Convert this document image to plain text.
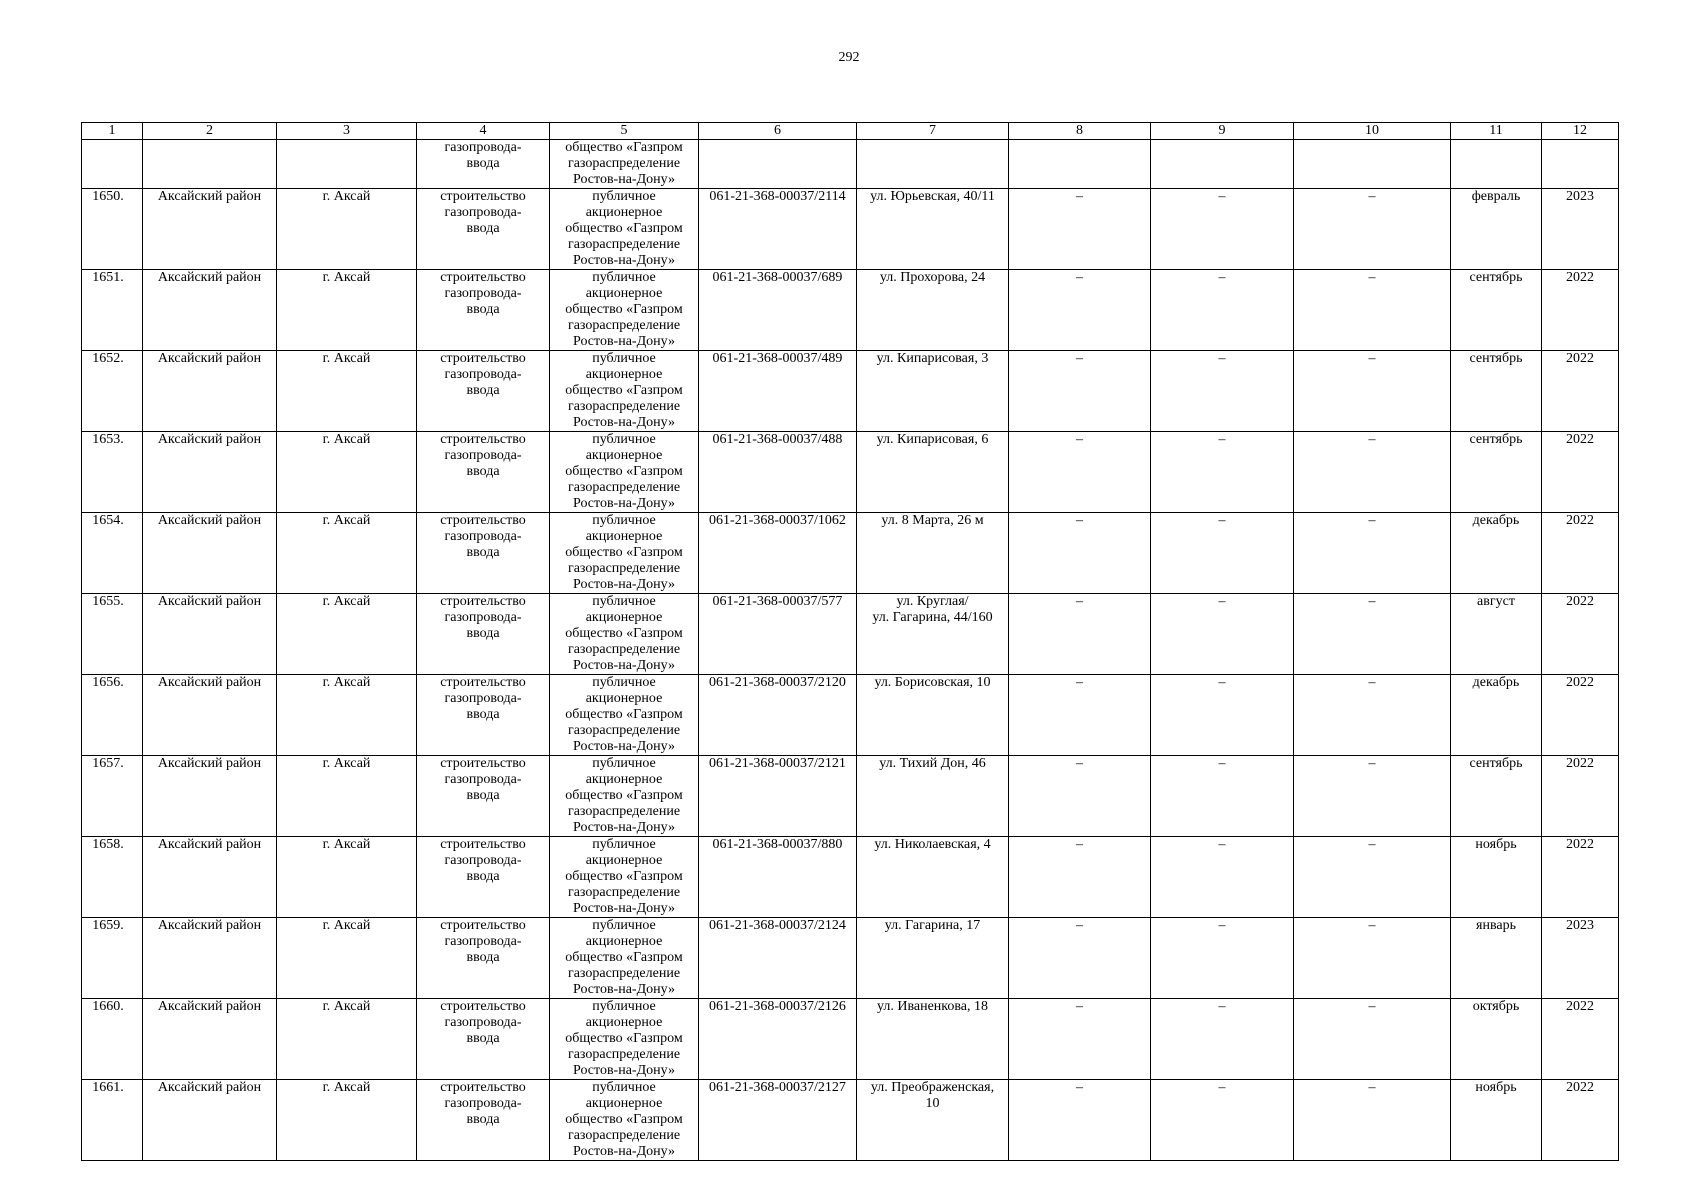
292
1	2	3	4	5	6	7	8	9	10	11	12

			газопровода-
ввода	общество «Газпром
газораспределение
Ростов-на-Дону»							

1650.	Аксайский район	г. Аксай	строительство
газопровода-
ввода	публичное
акционерное
общество «Газпром
газораспределение
Ростов-на-Дону»	061-21-368-00037/2114	ул. Юрьевская, 40/11	–	–	–	февраль	2023
1651.	Аксайский район	г. Аксай	строительство
газопровода-
ввода	публичное
акционерное
общество «Газпром
газораспределение
Ростов-на-Дону»	061-21-368-00037/689	ул. Прохорова, 24	–	–	–	сентябрь	2022
1652.	Аксайский район	г. Аксай	строительство
газопровода-
ввода	публичное
акционерное
общество «Газпром
газораспределение
Ростов-на-Дону»	061-21-368-00037/489	ул. Кипарисовая, 3	–	–	–	сентябрь	2022
1653.	Аксайский район	г. Аксай	строительство
газопровода-
ввода	публичное
акционерное
общество «Газпром
газораспределение
Ростов-на-Дону»	061-21-368-00037/488	ул. Кипарисовая, 6	–	–	–	сентябрь	2022
1654.	Аксайский район	г. Аксай	строительство
газопровода-
ввода	публичное
акционерное
общество «Газпром
газораспределение
Ростов-на-Дону»	061-21-368-00037/1062	ул. 8 Марта, 26 м	–	–	–	декабрь	2022
1655.	Аксайский район	г. Аксай	строительство
газопровода-
ввода	публичное
акционерное
общество «Газпром
газораспределение
Ростов-на-Дону»	061-21-368-00037/577	ул. Круглая/
ул. Гагарина, 44/160	–	–	–	август	2022
1656.	Аксайский район	г. Аксай	строительство
газопровода-
ввода	публичное
акционерное
общество «Газпром
газораспределение
Ростов-на-Дону»	061-21-368-00037/2120	ул. Борисовская, 10	–	–	–	декабрь	2022
1657.	Аксайский район	г. Аксай	строительство
газопровода-
ввода	публичное
акционерное
общество «Газпром
газораспределение
Ростов-на-Дону»	061-21-368-00037/2121	ул. Тихий Дон, 46	–	–	–	сентябрь	2022
1658.	Аксайский район	г. Аксай	строительство
газопровода-
ввода	публичное
акционерное
общество «Газпром
газораспределение
Ростов-на-Дону»	061-21-368-00037/880	ул. Николаевская, 4	–	–	–	ноябрь	2022
1659.	Аксайский район	г. Аксай	строительство
газопровода-
ввода	публичное
акционерное
общество «Газпром
газораспределение
Ростов-на-Дону»	061-21-368-00037/2124	ул. Гагарина, 17	–	–	–	январь	2023
1660.	Аксайский район	г. Аксай	строительство
газопровода-
ввода	публичное
акционерное
общество «Газпром
газораспределение
Ростов-на-Дону»	061-21-368-00037/2126	ул. Иваненкова, 18	–	–	–	октябрь	2022
1661.	Аксайский район	г. Аксай	строительство
газопровода-
ввода	публичное
акционерное
общество «Газпром
газораспределение
Ростов-на-Дону»	061-21-368-00037/2127	ул. Преображенская,
10	–	–	–	ноябрь	2022
